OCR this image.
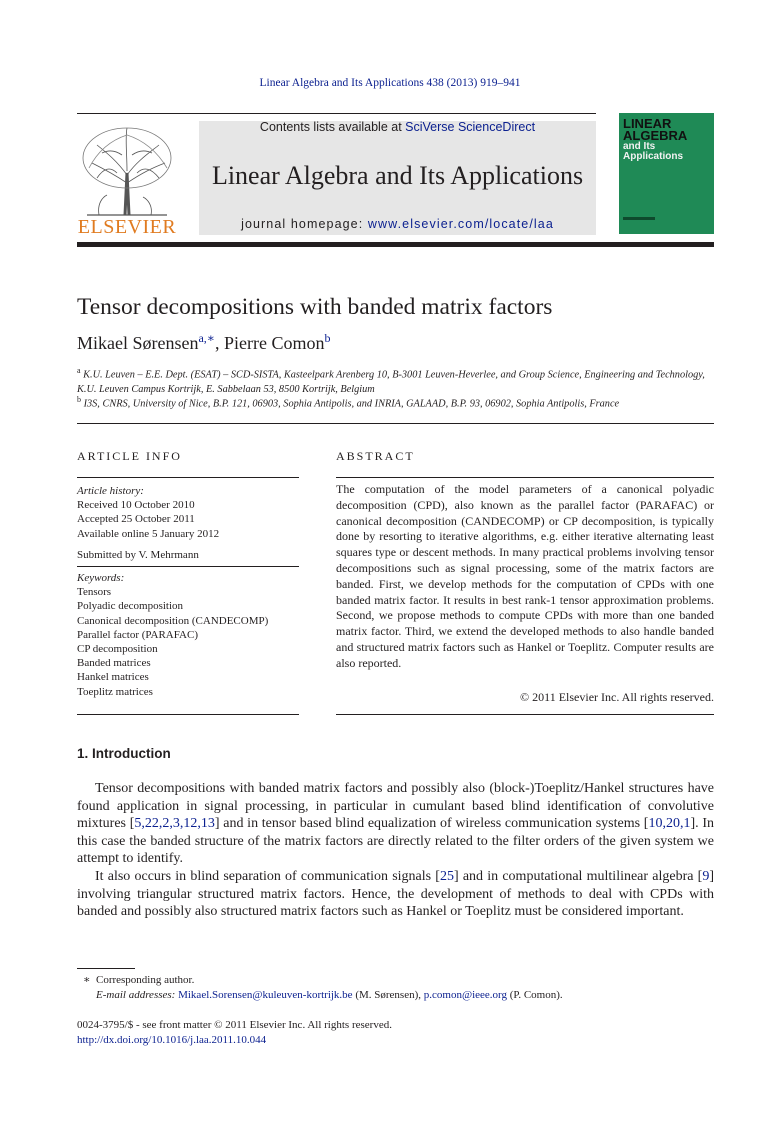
Linear Algebra and Its Applications 438 (2013) 919–941
ELSEVIER
Contents lists available at SciVerse ScienceDirect
Linear Algebra and Its Applications
journal homepage: www.elsevier.com/locate/laa
LINEAR
ALGEBRA
and Its
Applications
Tensor decompositions with banded matrix factors
Mikael Sørensen$^{a,∗}$, Pierre Comon$^b$
$^a$ K.U. Leuven – E.E. Dept. (ESAT) – SCD-SISTA, Kasteelpark Arenberg 10, B-3001 Leuven-Heverlee, and Group Science, Engineering and Technology, K.U. Leuven Campus Kortrijk, E. Sabbelaan 53, 8500 Kortrijk, Belgium
$^b$ I3S, CNRS, University of Nice, B.P. 121, 06903, Sophia Antipolis, and INRIA, GALAAD, B.P. 93, 06902, Sophia Antipolis, France
ARTICLE INFO
Article history:
Received 10 October 2010
Accepted 25 October 2011
Available online 5 January 2012
Submitted by V. Mehrmann
Keywords:
Tensors
Polyadic decomposition
Canonical decomposition (CANDECOMP)
Parallel factor (PARAFAC)
CP decomposition
Banded matrices
Hankel matrices
Toeplitz matrices
ABSTRACT
The computation of the model parameters of a canonical polyadic decomposition (CPD), also known as the parallel factor (PARAFAC) or canonical decomposition (CANDECOMP) or CP decomposition, is typically done by resorting to iterative algorithms, e.g. either iterative alternating least squares type or descent methods. In many practical problems involving tensor decompositions such as signal processing, some of the matrix factors are banded. First, we develop methods for the computation of CPDs with one banded matrix factor. It results in best rank-1 tensor approximation problems. Second, we propose methods to compute CPDs with more than one banded matrix factor. Third, we extend the developed methods to also handle banded and structured matrix factors such as Hankel or Toeplitz. Computer results are also reported.
© 2011 Elsevier Inc. All rights reserved.
1. Introduction

Tensor decompositions with banded matrix factors and possibly also (block-)Toeplitz/Hankel structures have found application in signal processing, in particular in cumulant based blind identification of convolutive mixtures [5,22,2,3,12,13] and in tensor based blind equalization of wireless communication systems [10,20,1]. In this case the banded structure of the matrix factors are directly related to the filter orders of the given system we attempt to identify.

It also occurs in blind separation of communication signals [25] and in computational multilinear algebra [9] involving triangular structured matrix factors. Hence, the development of methods to deal with CPDs with banded and possibly also structured matrix factors such as Hankel or Toeplitz must be considered important.

∗ Corresponding author.
E-mail addresses: Mikael.Sorensen@kuleuven-kortrijk.be (M. Sørensen), p.comon@ieee.org (P. Comon).
0024-3795/$ - see front matter © 2011 Elsevier Inc. All rights reserved.
http://dx.doi.org/10.1016/j.laa.2011.10.044
